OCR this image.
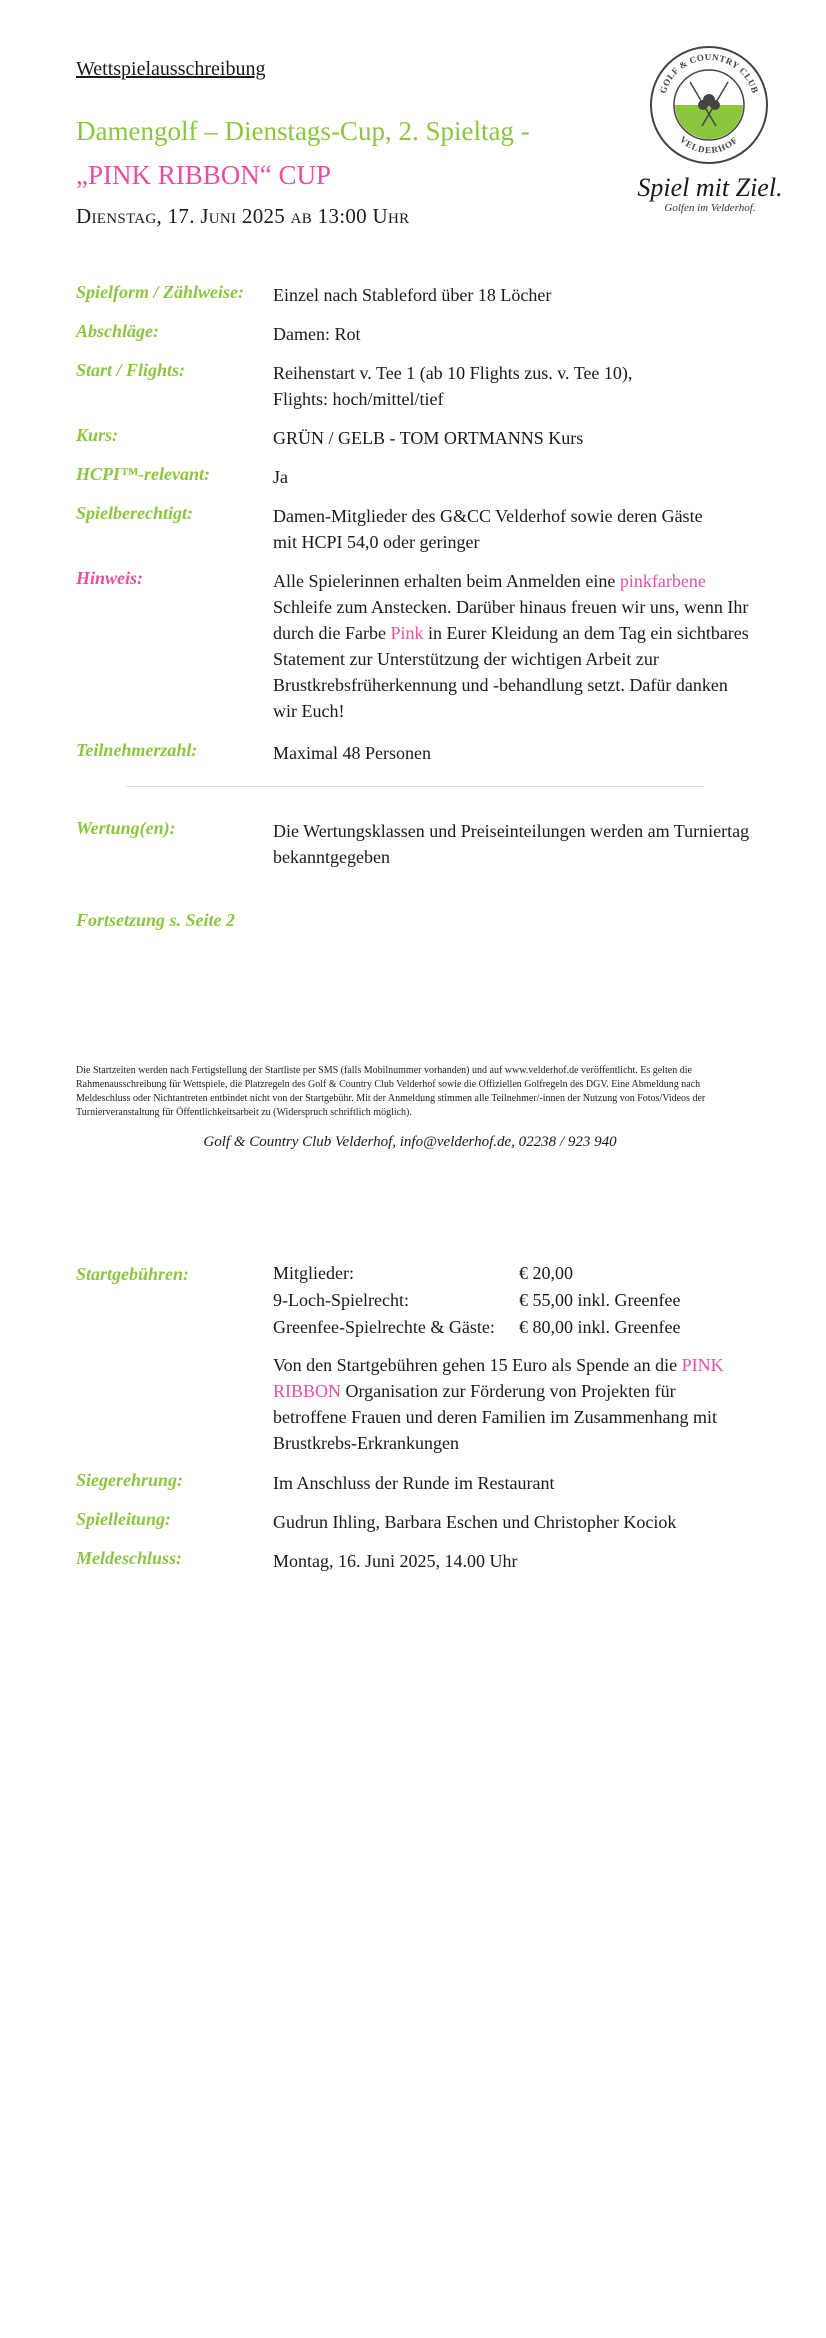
Wettspielausschreibung
Damengolf – Dienstags-Cup, 2. Spieltag -
„PINK RIBBON“ CUP
Dienstag, 17. Juni 2025 ab 13:00 Uhr
GOLF & COUNTRY CLUB
VELDERHOF
Spiel mit Ziel.
Golfen im Velderhof.
Spielform / Zählweise: Einzel nach Stableford über 18 Löcher
Abschläge:	Damen: Rot
Start / Flights:	Reihenstart v. Tee 1 (ab 10 Flights zus. v. Tee 10),
Flights: hoch/mittel/tief
Kurs:	GRÜN / GELB - TOM ORTMANNS Kurs
HCPI™-relevant:	Ja
Spielberechtigt:	Damen-Mitglieder des G&CC Velderhof sowie deren Gäste
mit HCPI 54,0 oder geringer
Hinweis:	Alle Spielerinnen erhalten beim Anmelden eine pinkfarbene Schleife zum Anstecken. Darüber hinaus freuen wir uns, wenn Ihr durch die Farbe Pink in Eurer Kleidung an dem Tag ein sichtbares Statement zur Unterstützung der wichtigen Arbeit zur Brustkrebsfrüherkennung und -behandlung setzt. Dafür danken wir Euch!
Teilnehmerzahl:	Maximal 48 Personen
Wertung(en):	Die Wertungsklassen und Preiseinteilungen werden am Turniertag bekanntgegeben
Fortsetzung s. Seite 2
Die Startzeiten werden nach Fertigstellung der Startliste per SMS (falls Mobilnummer vorhanden) und auf www.velderhof.de veröffentlicht. Es gelten die Rahmenausschreibung für Wettspiele, die Platzregeln des Golf & Country Club Velderhof sowie die Offiziellen Golfregeln des DGV. Eine Abmeldung nach Meldeschluss oder Nichtantreten entbindet nicht von der Startgebühr. Mit der Anmeldung stimmen alle Teilnehmer/-innen der Nutzung von Fotos/Videos der Turnierveranstaltung für Öffentlichkeitsarbeit zu (Widerspruch schriftlich möglich).
Golf & Country Club Velderhof, info@velderhof.de, 02238 / 923 940
Startgebühren:	Mitglieder:	€ 20,00
9-Loch-Spielrecht:	€ 55,00 inkl. Greenfee
Greenfee-Spielrechte & Gäste: € 80,00 inkl. Greenfee
Von den Startgebühren gehen 15 Euro als Spende an die PINK RIBBON Organisation zur Förderung von Projekten für betroffene Frauen und deren Familien im Zusammenhang mit Brustkrebs-Erkrankungen
Siegerehrung:	Im Anschluss der Runde im Restaurant
Spielleitung:	Gudrun Ihling, Barbara Eschen und Christopher Kociok
Meldeschluss:	Montag, 16. Juni 2025, 14.00 Uhr
